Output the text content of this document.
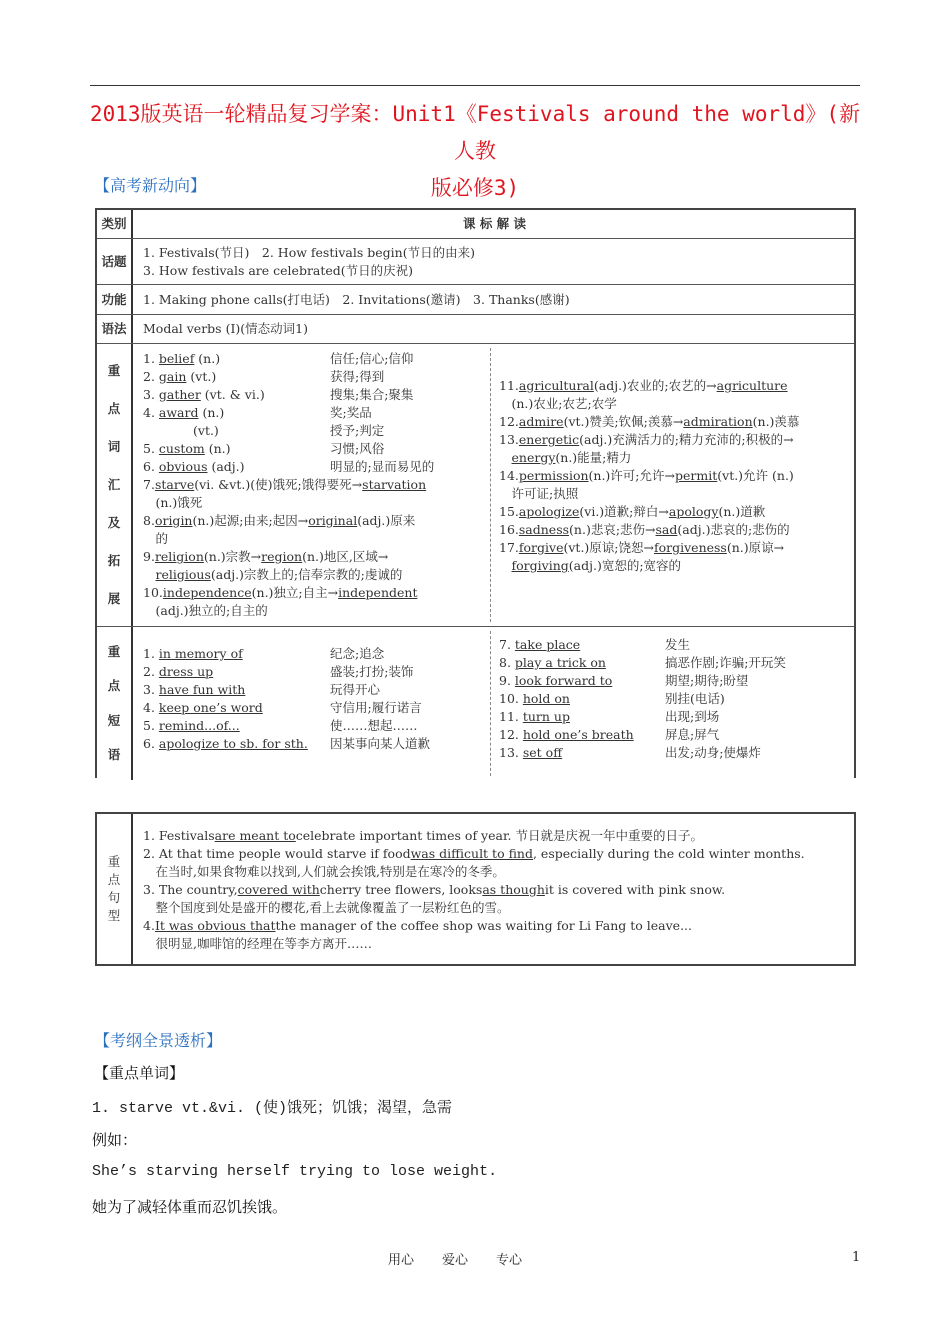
2013版英语一轮精品复习学案：Unit1《Festivals around the world》(新人教
版必修3)
【高考新动向】
类别	课 标 解 读
话题
1. Festivals(节日)　2. How festivals begin(节日的由来)
3. How festivals are celebrated(节日的庆祝)
功能	1. Making phone calls(打电话)　2. Invitations(邀请)　3. Thanks(感谢)
语法	Modal verbs (Ⅰ)(情态动词1)
重
点
词
汇
及
拓
展
1. belief (n.)	信任;信心;信仰
2. gain (vt.)	获得;得到
3. gather (vt. & vi.)	搜集;集合;聚集
4. award (n.)	奖;奖品
　　　　(vt.)	授予;判定
5. custom (n.)	习惯;风俗
6. obvious (adj.)	明显的;显而易见的
7. starve (vi. &vt.)(使)饿死;饿得要死→ starvation
　(n.)饿死
8. origin (n.)起源;由来;起因→ original (adj.)原来
　的
9. religion (n.)宗教→ region (n.)地区,区域→

religious (adj.)宗教上的;信奉宗教的;虔诚的
10. independence (n.)独立;自主→ independent
　(adj.)独立的;自主的
11. agricultural (adj.)农业的;农艺的→ agriculture
　(n.)农业;农艺;农学
12. admire (vt.)赞美;钦佩;羡慕→ admiration (n.)羡慕
13. energetic (adj.)充满活力的;精力充沛的;积极的→

energy (n.)能量;精力
14. permission (n.)许可;允许→ permit (vt.)允许 (n.)
　许可证;执照
15. apologize (vi.)道歉;辩白→ apology (n.)道歉
16. sadness (n.)悲哀;悲伤→ sad (adj.)悲哀的;悲伤的
17. forgive (vt.)原谅;饶恕→ forgiveness (n.)原谅→

forgiving (adj.)宽恕的;宽容的
重
点
短
语
1. in memory of	纪念;追念
2. dress up	盛装;打扮;装饰
3. have fun with	玩得开心
4. keep one’s word	守信用;履行诺言
5. remind...of...	使……想起……
6. apologize to sb. for sth.	因某事向某人道歉
7. take place	发生
8. play a trick on	搞恶作剧;诈骗;开玩笑
9. look forward to	期望;期待;盼望
10. hold on	别挂(电话)
11. turn up	出现;到场
12. hold one’s breath	屏息;屏气
13. set off	出发;动身;使爆炸
重
点
句
型
1. Festivals are meant to celebrate important times of year. 节日就是庆祝一年中重要的日子。
2. At that time people would starve if food was difficult to find , especially during the cold winter months.
　在当时,如果食物难以找到,人们就会挨饿,特别是在寒冷的冬季。
3. The country, covered with cherry tree flowers, looks as though it is covered with pink snow.
　整个国度到处是盛开的樱花,看上去就像覆盖了一层粉红色的雪。
4. It was obvious that the manager of the coffee shop was waiting for Li Fang to leave...
　很明显,咖啡馆的经理在等李方离开……
【考纲全景透析】
【重点单词】
1. starve vt.&vi. (使)饿死；饥饿；渴望，急需
例如：
She’s starving herself trying to lose weight.
她为了减轻体重而忍饥挨饿。
用心 爱心 专心	1
